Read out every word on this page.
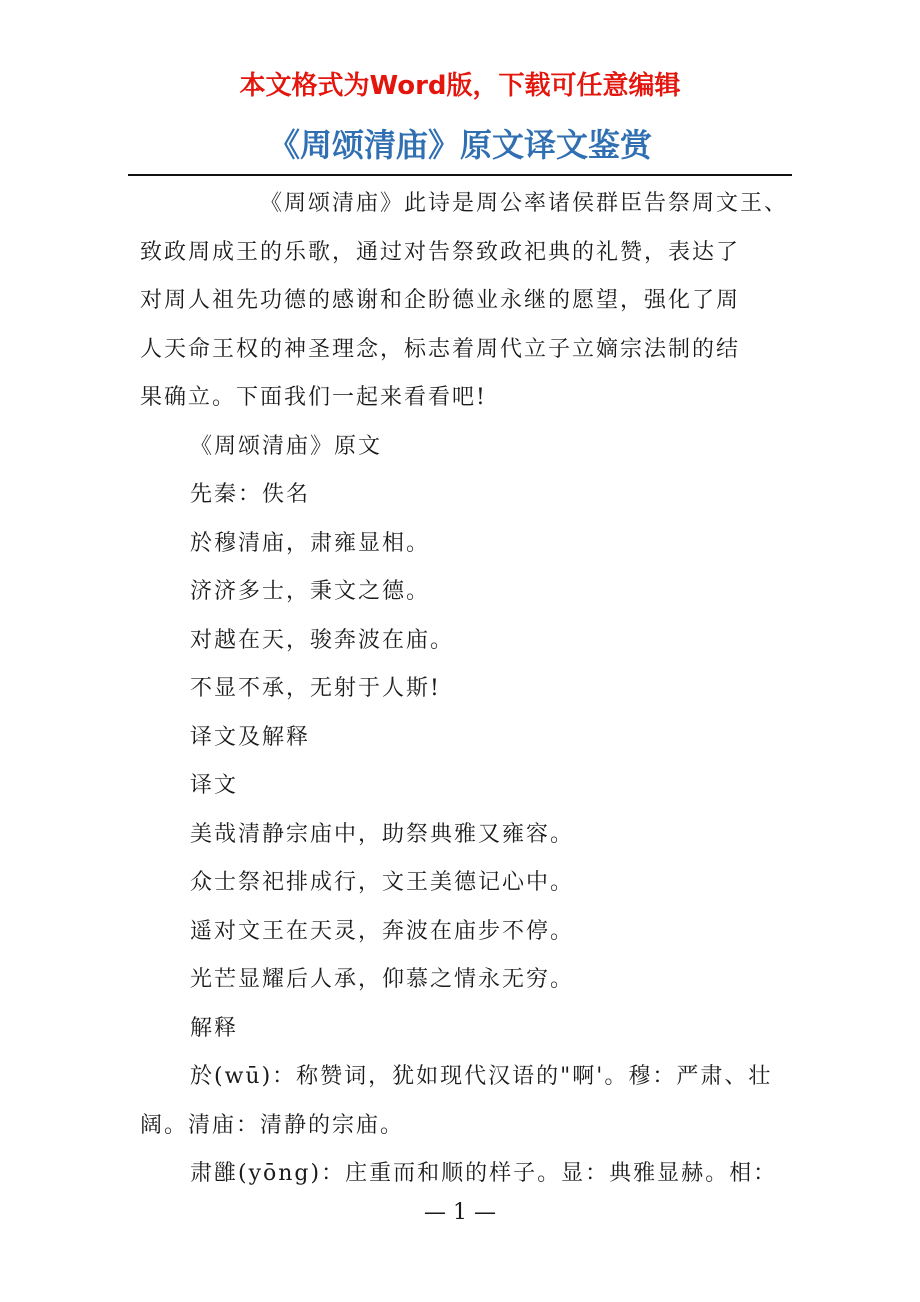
本文格式为Word版，下载可任意编辑
《周颂清庙》原文译文鉴赏

《周颂清庙》此诗是周公率诸侯群臣告祭周文王、

致政周成王的乐歌，通过对告祭致政祀典的礼赞，表达了

对周人祖先功德的感谢和企盼德业永继的愿望，强化了周

人天命王权的神圣理念，标志着周代立子立嫡宗法制的结

果确立。下面我们一起来看看吧!

《周颂清庙》原文

先秦：佚名

於穆清庙，肃雍显相。

济济多士，秉文之德。

对越在天，骏奔波在庙。

不显不承，无射于人斯!

译文及解释

译文

美哉清静宗庙中，助祭典雅又雍容。

众士祭祀排成行，文王美德记心中。

遥对文王在天灵，奔波在庙步不停。

光芒显耀后人承，仰慕之情永无穷。

解释

於(wū)：称赞词，犹如现代汉语的"啊'。穆：严肃、壮

阔。清庙：清静的宗庙。

肃雝(yōng)：庄重而和顺的样子。显：典雅显赫。相：

— 1 —
